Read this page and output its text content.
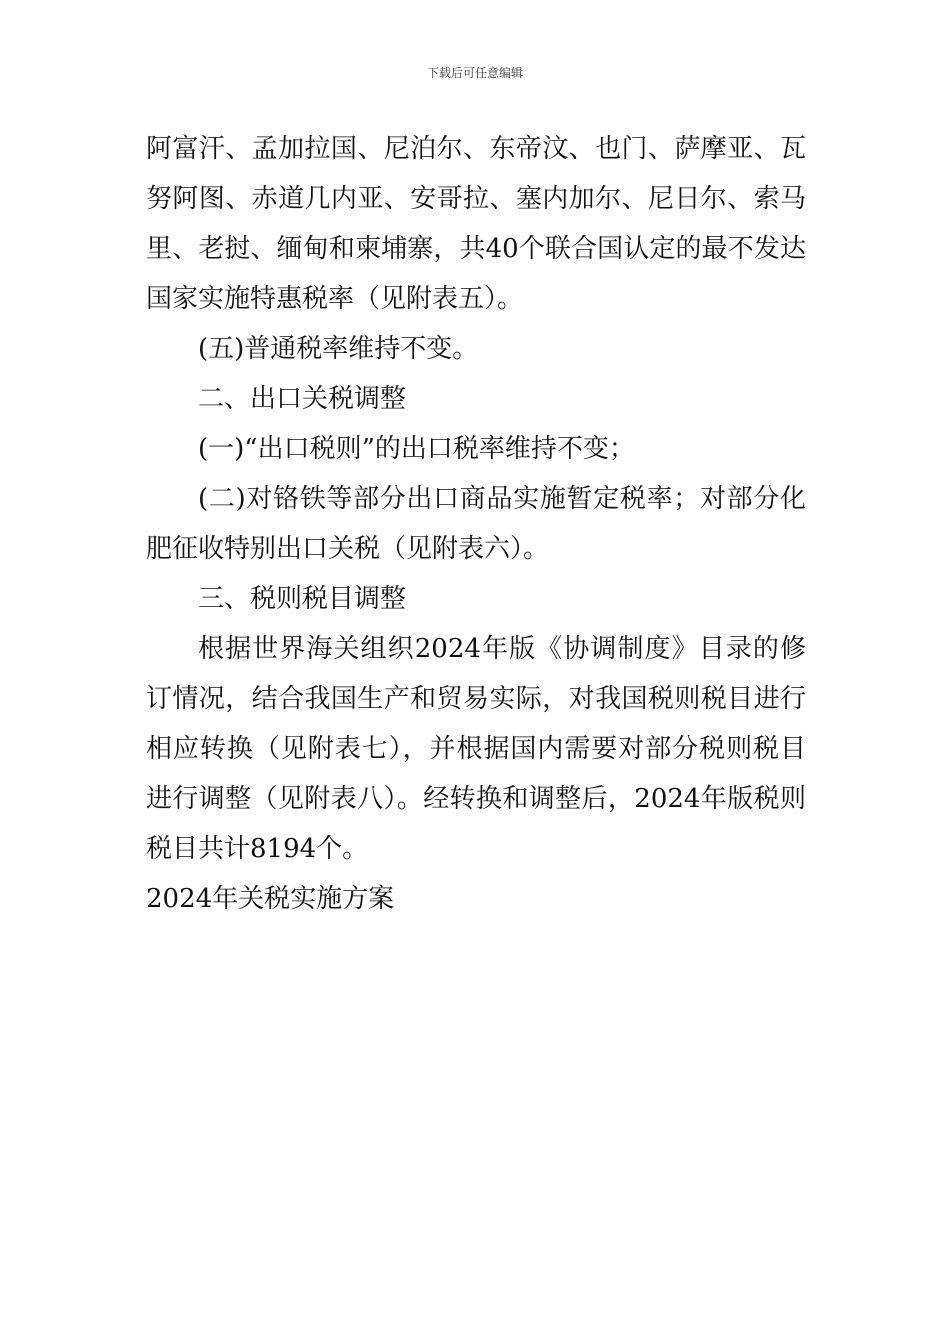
下载后可任意编辑

阿富汗、孟加拉国、尼泊尔、东帝汶、也门、萨摩亚、瓦努阿图、赤道几内亚、安哥拉、塞内加尔、尼日尔、索马里、老挝、缅甸和柬埔寨，共40个联合国认定的最不发达国家实施特惠税率（见附表五）。

(五)普通税率维持不变。

二、出口关税调整

(一)“出口税则”的出口税率维持不变；

(二)对铬铁等部分出口商品实施暂定税率；对部分化肥征收特别出口关税（见附表六）。

三、税则税目调整

根据世界海关组织2024年版《协调制度》目录的修订情况，结合我国生产和贸易实际，对我国税则税目进行相应转换（见附表七），并根据国内需要对部分税则税目进行调整（见附表八）。经转换和调整后，2024年版税则税目共计8194个。

2024年关税实施方案
